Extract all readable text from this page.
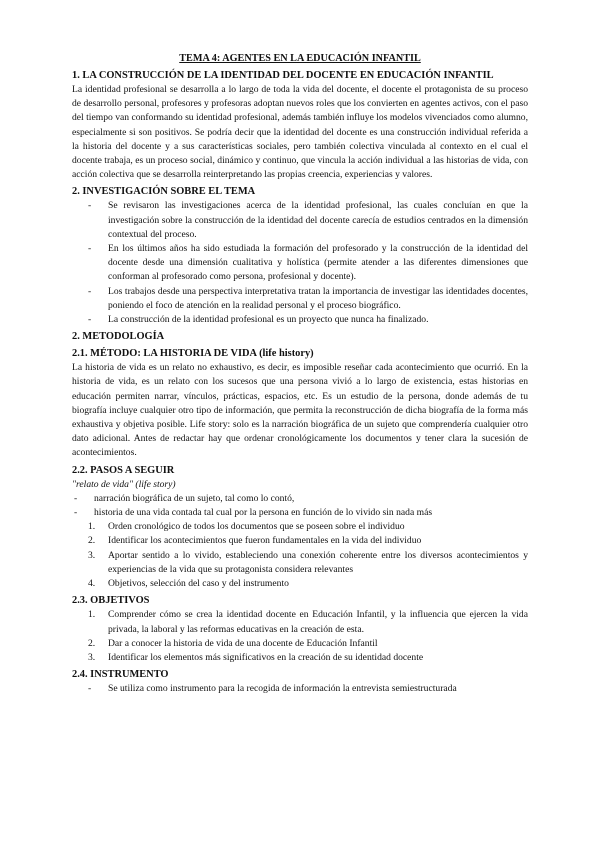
TEMA 4: AGENTES EN LA EDUCACIÓN INFANTIL
1. LA CONSTRUCCIÓN DE LA IDENTIDAD DEL DOCENTE EN EDUCACIÓN INFANTIL

La identidad profesional se desarrolla a lo largo de toda la vida del docente, el docente el protagonista de su proceso de desarrollo personal, profesores y profesoras adoptan nuevos roles que los convierten en agentes activos, con el paso del tiempo van conformando su identidad profesional, además también influye los modelos vivenciados como alumno, especialmente si son positivos. Se podría decir que la identidad del docente es una construcción individual referida a la historia del docente y a sus características sociales, pero también colectiva vinculada al contexto en el cual el docente trabaja, es un proceso social, dinámico y continuo, que vincula la acción individual a las historias de vida, con acción colectiva que se desarrolla reinterpretando las propias creencia, experiencias y valores.

2. INVESTIGACIÓN SOBRE EL TEMA
- Se revisaron las investigaciones acerca de la identidad profesional, las cuales concluían en que la investigación sobre la construcción de la identidad del docente carecía de estudios centrados en la dimensión contextual del proceso.
- En los últimos años ha sido estudiada la formación del profesorado y la construcción de la identidad del docente desde una dimensión cualitativa y holística (permite atender a las diferentes dimensiones que conforman al profesorado como persona, profesional y docente).
- Los trabajos desde una perspectiva interpretativa tratan la importancia de investigar las identidades docentes, poniendo el foco de atención en la realidad personal y el proceso biográfico.
- La construcción de la identidad profesional es un proyecto que nunca ha finalizado.
2. METODOLOGÍA
2.1. MÉTODO: LA HISTORIA DE VIDA (life history)

La historia de vida es un relato no exhaustivo, es decir, es imposible reseñar cada acontecimiento que ocurrió. En la historia de vida, es un relato con los sucesos que una persona vivió a lo largo de existencia, estas historias en educación permiten narrar, vínculos, prácticas, espacios, etc. Es un estudio de la persona, donde además de tu biografía incluye cualquier otro tipo de información, que permita la reconstrucción de dicha biografía de la forma más exhaustiva y objetiva posible. Life story: solo es la narración biográfica de un sujeto que comprendería cualquier otro dato adicional. Antes de redactar hay que ordenar cronológicamente los documentos y tener clara la sucesión de acontecimientos.

2.2. PASOS A SEGUIR
"relato de vida" (life story)
- narración biográfica de un sujeto, tal como lo contó,
- historia de una vida contada tal cual por la persona en función de lo vivido sin nada más
1. Orden cronológico de todos los documentos que se poseen sobre el individuo
2. Identificar los acontecimientos que fueron fundamentales en la vida del individuo
3. Aportar sentido a lo vivido, estableciendo una conexión coherente entre los diversos acontecimientos y experiencias de la vida que su protagonista considera relevantes
4. Objetivos, selección del caso y del instrumento
2.3. OBJETIVOS
1. Comprender cómo se crea la identidad docente en Educación Infantil, y la influencia que ejercen la vida privada, la laboral y las reformas educativas en la creación de esta.
2. Dar a conocer la historia de vida de una docente de Educación Infantil
3. Identificar los elementos más significativos en la creación de su identidad docente
2.4. INSTRUMENTO
- Se utiliza como instrumento para la recogida de información la entrevista semiestructurada
